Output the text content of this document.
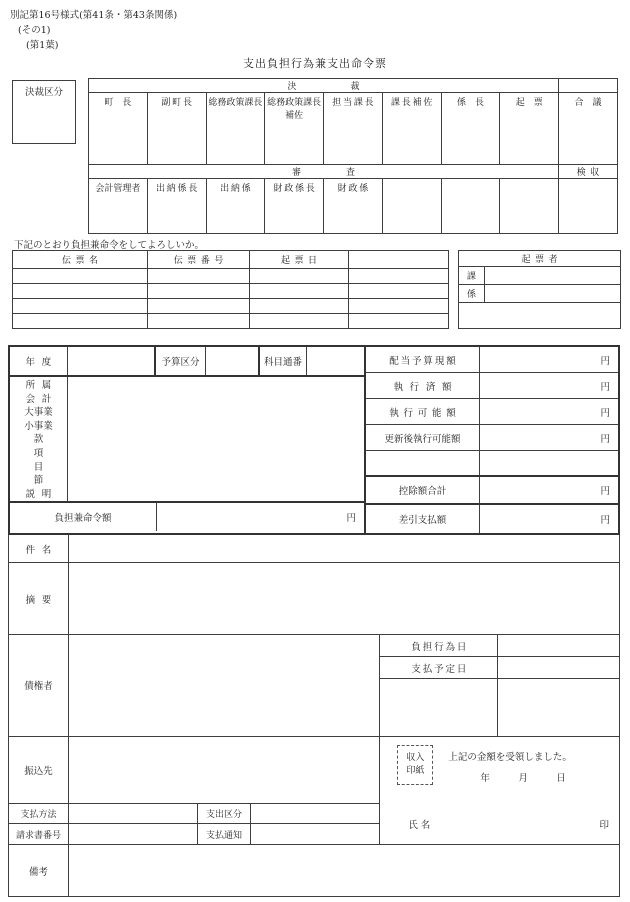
別記第16号様式(第41条・第43条関係)
(その1)
(第1葉)
支出負担行為兼支出命令票
決裁区分	決　　　　　　裁								
町長	副町長	総務政策課長	総務政策課長補佐	担当課長	課長補佐	係長	起票	合議
審　　　　　査								検収
会計管理者	出納係長	出納係	財政係長	財政係				
下記のとおり負担兼命令をしてよろしいか。
伝票名	伝票番号	起票日	

				起票者	
課	
係	

年度	予算区分	科目通番
所属
会計
大事業
小事業
款
項
目
節
説明
負担兼命令額	円
配当予算現額	円
執行済額	円
執行可能額	円
更新後執行可能額	円
控除額合計	円
差引支払額	円
件名
摘要
債権者
振込先
支払方法	支出区分
請求書番号	支払通知
負担行為日
支払予定日
収入
印紙
上記の金額を受領しました。
年　　　月　　　日
氏名	印
備考
